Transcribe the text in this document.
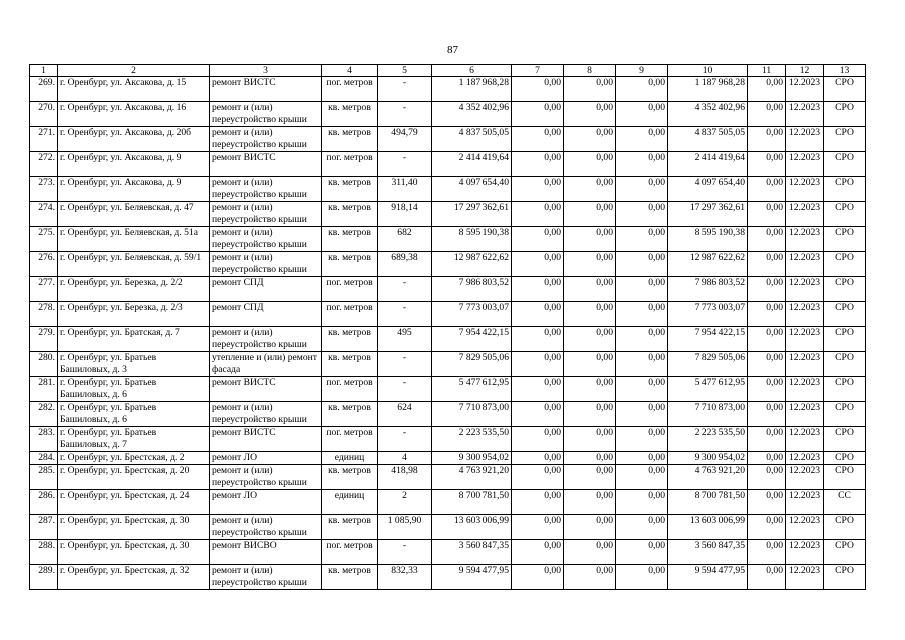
87
1	2	3	4	5	6	7	8	9	10	11	12	13
269.	г. Оренбург, ул. Аксакова, д. 15	ремонт ВИСТС	пог. метров	-	1 187 968,28	0,00	0,00	0,00	1 187 968,28	0,00	12.2023	СРО
270.	г. Оренбург, ул. Аксакова, д. 16	ремонт и (или) переустройство крыши	кв. метров	-	4 352 402,96	0,00	0,00	0,00	4 352 402,96	0,00	12.2023	СРО
271.	г. Оренбург, ул. Аксакова, д. 20б	ремонт и (или) переустройство крыши	кв. метров	494,79	4 837 505,05	0,00	0,00	0,00	4 837 505,05	0,00	12.2023	СРО
272.	г. Оренбург, ул. Аксакова, д. 9	ремонт ВИСТС	пог. метров	-	2 414 419,64	0,00	0,00	0,00	2 414 419,64	0,00	12.2023	СРО
273.	г. Оренбург, ул. Аксакова, д. 9	ремонт и (или) переустройство крыши	кв. метров	311,40	4 097 654,40	0,00	0,00	0,00	4 097 654,40	0,00	12.2023	СРО
274.	г. Оренбург, ул. Беляевская, д. 47	ремонт и (или) переустройство крыши	кв. метров	918,14	17 297 362,61	0,00	0,00	0,00	17 297 362,61	0,00	12.2023	СРО
275.	г. Оренбург, ул. Беляевская, д. 51а	ремонт и (или) переустройство крыши	кв. метров	682	8 595 190,38	0,00	0,00	0,00	8 595 190,38	0,00	12.2023	СРО
276.	г. Оренбург, ул. Беляевская, д. 59/1	ремонт и (или) переустройство крыши	кв. метров	689,38	12 987 622,62	0,00	0,00	0,00	12 987 622,62	0,00	12.2023	СРО
277.	г. Оренбург, ул. Березка, д. 2/2	ремонт СПД	пог. метров	-	7 986 803,52	0,00	0,00	0,00	7 986 803,52	0,00	12.2023	СРО
278.	г. Оренбург, ул. Березка, д. 2/3	ремонт СПД	пог. метров	-	7 773 003,07	0,00	0,00	0,00	7 773 003,07	0,00	12.2023	СРО
279.	г. Оренбург, ул. Братская, д. 7	ремонт и (или) переустройство крыши	кв. метров	495	7 954 422,15	0,00	0,00	0,00	7 954 422,15	0,00	12.2023	СРО
280.	г. Оренбург, ул. Братьев Башиловых, д. 3	утепление и (или) ремонт фасада	кв. метров	-	7 829 505,06	0,00	0,00	0,00	7 829 505,06	0,00	12.2023	СРО
281.	г. Оренбург, ул. Братьев Башиловых, д. 6	ремонт ВИСТС	пог. метров	-	5 477 612,95	0,00	0,00	0,00	5 477 612,95	0,00	12.2023	СРО
282.	г. Оренбург, ул. Братьев Башиловых, д. 6	ремонт и (или) переустройство крыши	кв. метров	624	7 710 873,00	0,00	0,00	0,00	7 710 873,00	0,00	12.2023	СРО
283.	г. Оренбург, ул. Братьев Башиловых, д. 7	ремонт ВИСТС	пог. метров	-	2 223 535,50	0,00	0,00	0,00	2 223 535,50	0,00	12.2023	СРО
284.	г. Оренбург, ул. Брестская, д. 2	ремонт ЛО	единиц	4	9 300 954,02	0,00	0,00	0,00	9 300 954,02	0,00	12.2023	СРО
285.	г. Оренбург, ул. Брестская, д. 20	ремонт и (или) переустройство крыши	кв. метров	418,98	4 763 921,20	0,00	0,00	0,00	4 763 921,20	0,00	12.2023	СРО
286.	г. Оренбург, ул. Брестская, д. 24	ремонт ЛО	единиц	2	8 700 781,50	0,00	0,00	0,00	8 700 781,50	0,00	12.2023	СС
287.	г. Оренбург, ул. Брестская, д. 30	ремонт и (или) переустройство крыши	кв. метров	1 085,90	13 603 006,99	0,00	0,00	0,00	13 603 006,99	0,00	12.2023	СРО
288.	г. Оренбург, ул. Брестская, д. 30	ремонт ВИСВО	пог. метров	-	3 560 847,35	0,00	0,00	0,00	3 560 847,35	0,00	12.2023	СРО
289.	г. Оренбург, ул. Брестская, д. 32	ремонт и (или) переустройство крыши	кв. метров	832,33	9 594 477,95	0,00	0,00	0,00	9 594 477,95	0,00	12.2023	СРО
